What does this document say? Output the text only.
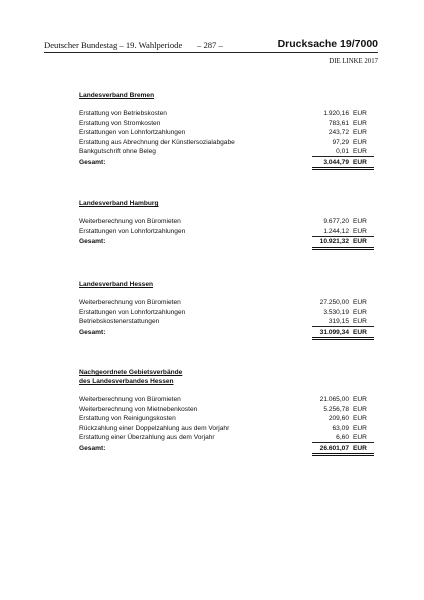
Deutscher Bundestag – 19. Wahlperiode – 287 –	Drucksache 19/7000
DIE LINKE 2017
Landesverband Bremen
Erstattung von Betriebskosten	1.920,16 EUR
Erstattung von Stromkosten	783,61 EUR
Erstattungen von Lohnfortzahlungen	243,72 EUR
Erstattung aus Abrechnung der Künstlersozialabgabe	97,29 EUR
Bankgutschrift ohne Beleg	0,01 EUR
Gesamt:	3.044,79 EUR
Landesverband Hamburg
Weiterberechnung von Büromieten	9.677,20 EUR
Erstattungen von Lohnfortzahlungen	1.244,12 EUR
Gesamt:	10.921,32 EUR
Landesverband Hessen
Weiterberechnung von Büromieten	27.250,00 EUR
Erstattungen von Lohnfortzahlungen	3.530,19 EUR
Betriebskostenerstattungen	319,15 EUR
Gesamt:	31.099,34 EUR
Nachgeordnete Gebietsverbände
des Landesverbandes Hessen
Weiterberechnung von Büromieten	21.065,00 EUR
Weiterberechnung von Mietnebenkosten	5.256,78 EUR
Erstattung von Reinigungskosten	209,60 EUR
Rückzahlung einer Doppelzahlung aus dem Vorjahr	63,09 EUR
Erstattung einer Überzahlung aus dem Vorjahr	6,60 EUR
Gesamt:	26.601,07 EUR
